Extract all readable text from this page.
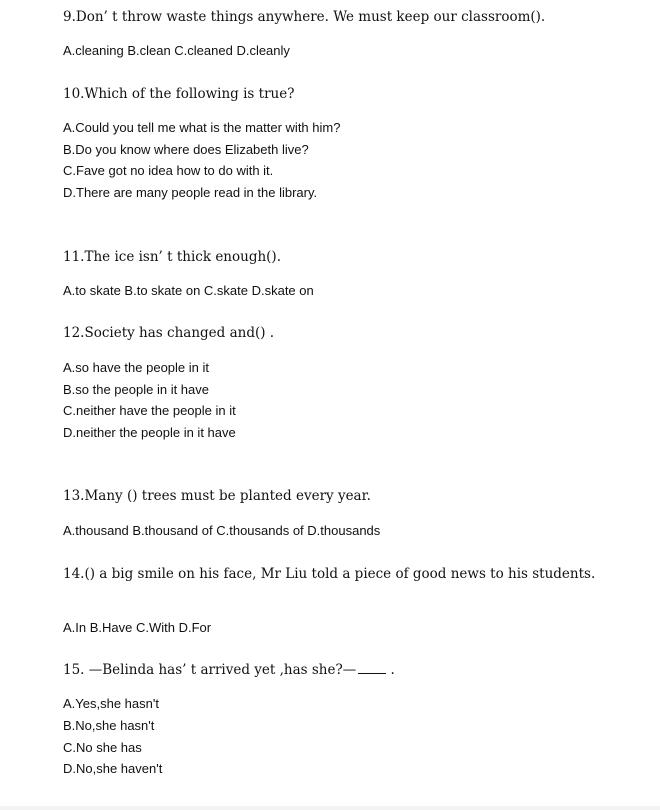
9.Don’ t throw waste things anywhere. We must keep our classroom().
A.cleaning B.clean C.cleaned D.cleanly
10.Which of the following is true?
A.Could you tell me what is the matter with him?
B.Do you know where does Elizabeth live?
C.Fave got no idea how to do with it.
D.There are many people read in the library.
11.The ice isn’ t thick enough().
A.to skate B.to skate on C.skate D.skate on
12.Society has changed and() .
A.so have the people in it
B.so the people in it have
C.neither have the people in it
D.neither the people in it have
13.Many () trees must be planted every year.
A.thousand B.thousand of C.thousands of D.thousands
14.() a big smile on his face, Mr Liu told a piece of good news to his students.
A.In B.Have C.With D.For
15. —Belinda has’ t arrived yet ,has she?— .
A.Yes,she hasn't
B.No,she hasn't
C.No she has
D.No,she haven't
